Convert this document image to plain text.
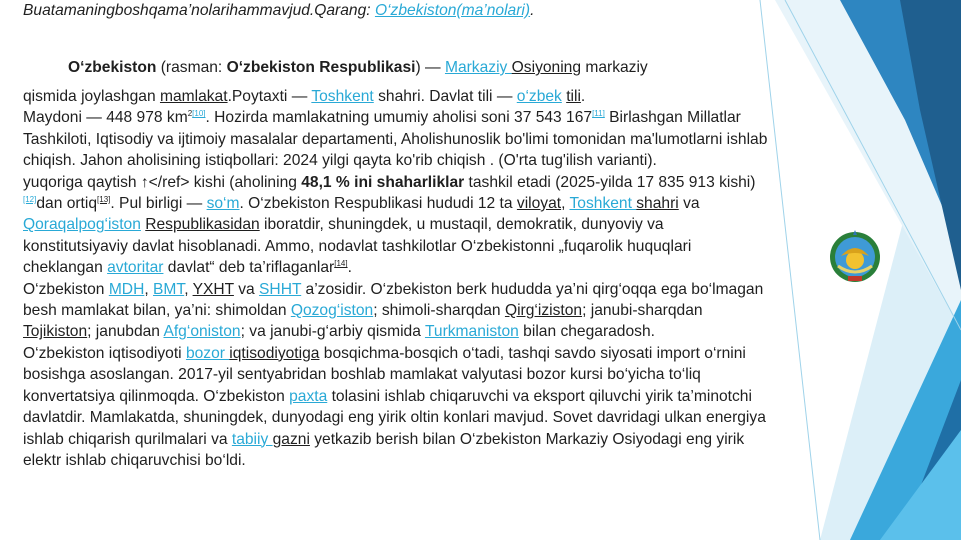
Buatamaningboshqama’nolarihammavjud.Qarang: O‘zbekiston(ma’nolari).
O‘zbekiston (rasman: O‘zbekiston Respublikasi) — Markaziy Osiyoning markaziy
qismida joylashgan mamlakat.Poytaxti — Toshkent shahri. Davlat tili — o‘zbek tili.
Maydoni — 448 978 $km^{2[10]}$. Hozirda mamlakatning umumiy aholisi soni 37 543 167[11] Birlashgan Millatlar Tashkiloti, Iqtisodiy va ijtimoiy masalalar departamenti, Aholishunoslik bo'limi tomonidan ma'lumotlarni ishlab chiqish. Jahon aholisining istiqbollari: 2024 yilgi qayta ko'rib chiqish . (O'rta tug'ilish varianti).
yuqoriga qaytish ↑</ref> kishi (aholining 48,1 % ini shaharliklar tashkil etadi (2025-yilda 17 835 913 kishi)[12]dan ortiq[13]. Pul birligi — so‘m. O‘zbekiston Respublikasi hududi 12 ta viloyat, Toshkent shahri va Qoraqalpog‘iston Respublikasidan iboratdir, shuningdek, u mustaqil, demokratik, dunyoviy va konstitutsiyaviy davlat hisoblanadi. Ammo, nodavlat tashkilotlar O‘zbekistonni „fuqarolik huquqlari cheklangan avtoritar davlat“ deb ta’riflaganlar[14].
O‘zbekiston MDH, BMT, YXHT va SHHT a’zosidir. O‘zbekiston berk hududda ya’ni qirg‘oqqa ega bo‘lmagan besh mamlakat bilan, ya’ni: shimoldan Qozog‘iston; shimoli-sharqdan Qirg‘iziston; janubi-sharqdan Tojikiston; janubdan Afg‘oniston; va janubi-g‘arbiy qismida Turkmaniston bilan chegaradosh.
O‘zbekiston iqtisodiyoti bozor iqtisodiyotiga bosqichma-bosqich o‘tadi, tashqi savdo siyosati import o‘rnini bosishga asoslangan. 2017-yil sentyabridan boshlab mamlakat valyutasi bozor kursi bo‘yicha to‘liq konvertatsiya qilinmoqda. O‘zbekiston paxta tolasini ishlab chiqaruvchi va eksport qiluvchi yirik ta’minotchi davlatdir. Mamlakatda, shuningdek, dunyodagi eng yirik oltin konlari mavjud. Sovet davridagi ulkan energiya ishlab chiqarish qurilmalari va tabiiy gazni yetkazib berish bilan O‘zbekiston Markaziy Osiyodagi eng yirik elektr ishlab chiqaruvchisi bo‘ldi.
